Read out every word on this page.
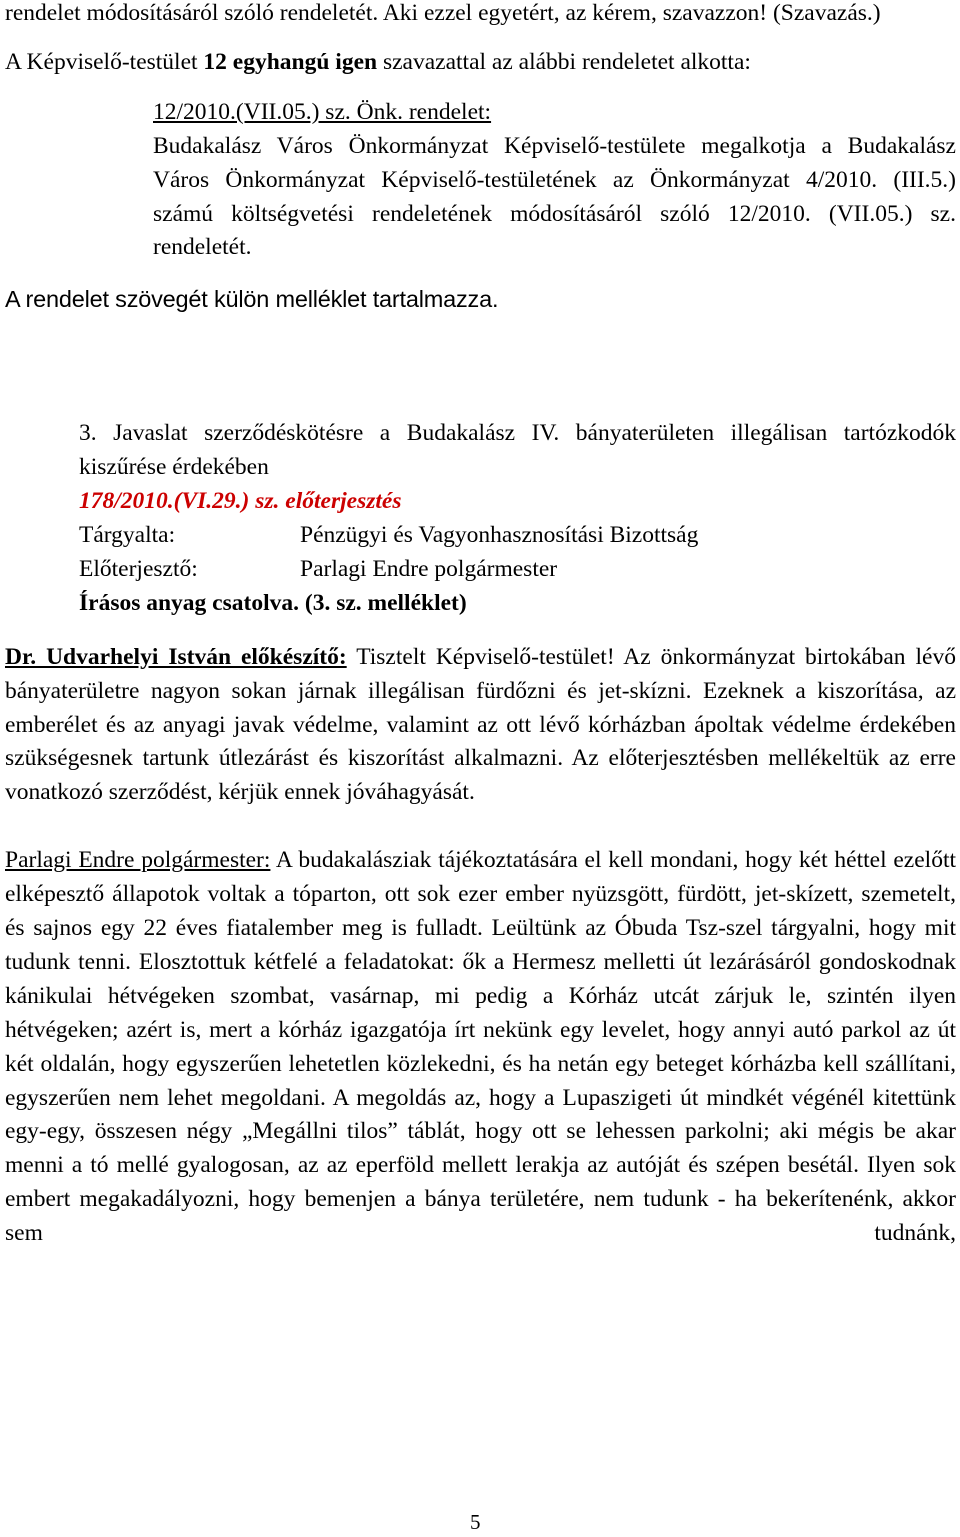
rendelet módosításáról szóló rendeletét. Aki ezzel egyetért, az kérem, szavazzon! (Szavazás.)

A Képviselő-testület 12 egyhangú igen szavazattal az alábbi rendeletet alkotta:

12/2010.(VII.05.) sz. Önk. rendelet:

Budakalász Város Önkormányzat Képviselő-testülete megalkotja a Budakalász Város Önkormányzat Képviselő-testületének az Önkormányzat 4/2010. (III.5.) számú költségvetési rendeletének módosításáról szóló 12/2010. (VII.05.) sz. rendeletét.

A rendelet szövegét külön melléklet tartalmazza.

3. Javaslat szerződéskötésre a Budakalász IV. bányaterületen illegálisan tartózkodók kiszűrése érdekében

178/2010.(VI.29.) sz. előterjesztés

Tárgyalta:	Pénzügyi és Vagyonhasznosítási Bizottság
Előterjesztő:	Parlagi Endre polgármester

Írásos anyag csatolva. (3. sz. melléklet)

Dr. Udvarhelyi István előkészítő: Tisztelt Képviselő-testület! Az önkormányzat birtokában lévő bányaterületre nagyon sokan járnak illegálisan fürdőzni és jet-skízni. Ezeknek a kiszorítása, az emberélet és az anyagi javak védelme, valamint az ott lévő kórházban ápoltak védelme érdekében szükségesnek tartunk útlezárást és kiszorítást alkalmazni. Az előterjesztésben mellékeltük az erre vonatkozó szerződést, kérjük ennek jóváhagyását.

Parlagi Endre polgármester: A budakalásziak tájékoztatására el kell mondani, hogy két héttel ezelőtt elképesztő állapotok voltak a tóparton, ott sok ezer ember nyüzsgött, fürdött, jet-skízett, szemetelt, és sajnos egy 22 éves fiatalember meg is fulladt. Leültünk az Óbuda Tsz-szel tárgyalni, hogy mit tudunk tenni. Elosztottuk kétfelé a feladatokat: ők a Hermesz melletti út lezárásáról gondoskodnak kánikulai hétvégeken szombat, vasárnap, mi pedig a Kórház utcát zárjuk le, szintén ilyen hétvégeken; azért is, mert a kórház igazgatója írt nekünk egy levelet, hogy annyi autó parkol az út két oldalán, hogy egyszerűen lehetetlen közlekedni, és ha netán egy beteget kórházba kell szállítani, egyszerűen nem lehet megoldani. A megoldás az, hogy a Lupaszigeti út mindkét végénél kitettünk egy-egy, összesen négy „Megállni tilos” táblát, hogy ott se lehessen parkolni; aki mégis be akar menni a tó mellé gyalogosan, az az eperföld mellett lerakja az autóját és szépen besétál. Ilyen sok embert megakadályozni, hogy bemenjen a bánya területére, nem tudunk - ha bekerítenénk, akkor sem tudnánk,

5
